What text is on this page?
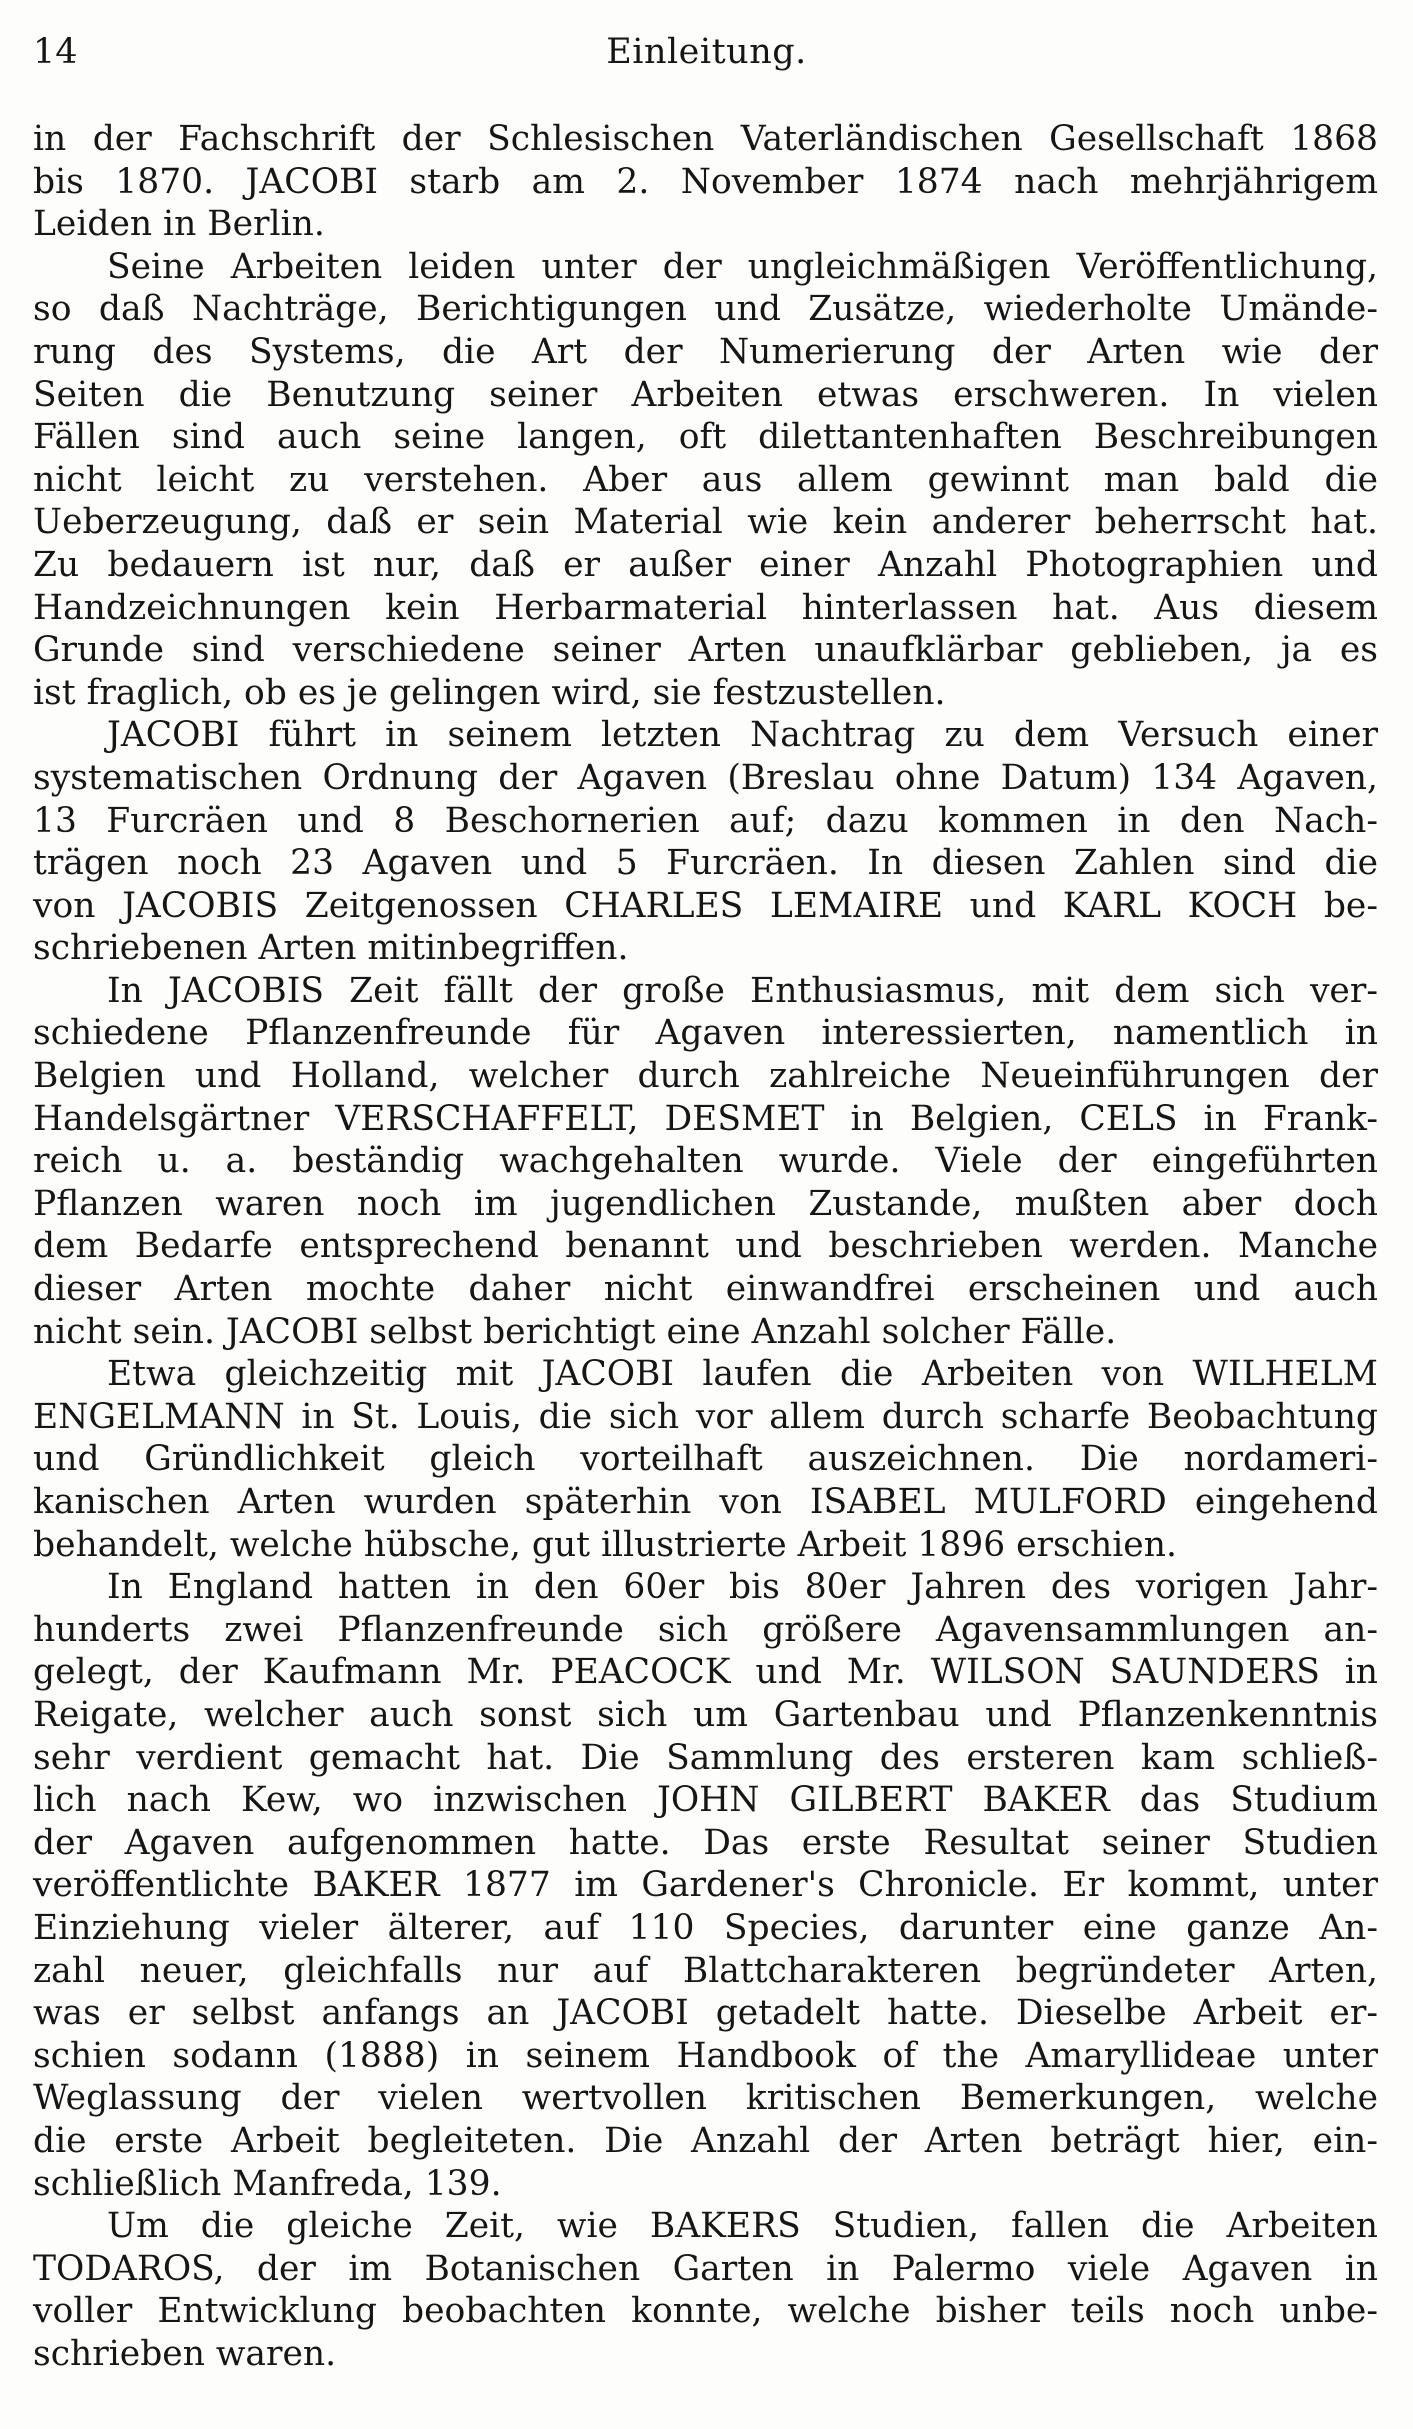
14	Einleitung.
in der Fachschrift der Schlesischen Vaterländischen Gesellschaft 1868
bis 1870. JACOBI starb am 2. November 1874 nach mehrjährigem
Leiden in Berlin.
Seine Arbeiten leiden unter der ungleichmäßigen Veröffentlichung,
so daß Nachträge, Berichtigungen und Zusätze, wiederholte Umände-
rung des Systems, die Art der Numerierung der Arten wie der
Seiten die Benutzung seiner Arbeiten etwas erschweren. In vielen
Fällen sind auch seine langen, oft dilettantenhaften Beschreibungen
nicht leicht zu verstehen. Aber aus allem gewinnt man bald die
Ueberzeugung, daß er sein Material wie kein anderer beherrscht hat.
Zu bedauern ist nur, daß er außer einer Anzahl Photographien und
Handzeichnungen kein Herbarmaterial hinterlassen hat. Aus diesem
Grunde sind verschiedene seiner Arten unaufklärbar geblieben, ja es
ist fraglich, ob es je gelingen wird, sie festzustellen.
JACOBI führt in seinem letzten Nachtrag zu dem Versuch einer
systematischen Ordnung der Agaven (Breslau ohne Datum) 134 Agaven,
13 Furcräen und 8 Beschornerien auf; dazu kommen in den Nach-
trägen noch 23 Agaven und 5 Furcräen. In diesen Zahlen sind die
von JACOBIS Zeitgenossen CHARLES LEMAIRE und KARL KOCH be-
schriebenen Arten mitinbegriffen.
In JACOBIS Zeit fällt der große Enthusiasmus, mit dem sich ver-
schiedene Pflanzenfreunde für Agaven interessierten, namentlich in
Belgien und Holland, welcher durch zahlreiche Neueinführungen der
Handelsgärtner VERSCHAFFELT, DESMET in Belgien, CELS in Frank-
reich u. a. beständig wachgehalten wurde. Viele der eingeführten
Pflanzen waren noch im jugendlichen Zustande, mußten aber doch
dem Bedarfe entsprechend benannt und beschrieben werden. Manche
dieser Arten mochte daher nicht einwandfrei erscheinen und auch
nicht sein. JACOBI selbst berichtigt eine Anzahl solcher Fälle.
Etwa gleichzeitig mit JACOBI laufen die Arbeiten von WILHELM
ENGELMANN in St. Louis, die sich vor allem durch scharfe Beobachtung
und Gründlichkeit gleich vorteilhaft auszeichnen. Die nordameri-
kanischen Arten wurden späterhin von ISABEL MULFORD eingehend
behandelt, welche hübsche, gut illustrierte Arbeit 1896 erschien.
In England hatten in den 60er bis 80er Jahren des vorigen Jahr-
hunderts zwei Pflanzenfreunde sich größere Agavensammlungen an-
gelegt, der Kaufmann Mr. PEACOCK und Mr. WILSON SAUNDERS in
Reigate, welcher auch sonst sich um Gartenbau und Pflanzenkenntnis
sehr verdient gemacht hat. Die Sammlung des ersteren kam schließ-
lich nach Kew, wo inzwischen JOHN GILBERT BAKER das Studium
der Agaven aufgenommen hatte. Das erste Resultat seiner Studien
veröffentlichte BAKER 1877 im Gardener's Chronicle. Er kommt, unter
Einziehung vieler älterer, auf 110 Species, darunter eine ganze An-
zahl neuer, gleichfalls nur auf Blattcharakteren begründeter Arten,
was er selbst anfangs an JACOBI getadelt hatte. Dieselbe Arbeit er-
schien sodann (1888) in seinem Handbook of the Amaryllideae unter
Weglassung der vielen wertvollen kritischen Bemerkungen, welche
die erste Arbeit begleiteten. Die Anzahl der Arten beträgt hier, ein-
schließlich Manfreda, 139.
Um die gleiche Zeit, wie BAKERS Studien, fallen die Arbeiten
TODAROS, der im Botanischen Garten in Palermo viele Agaven in
voller Entwicklung beobachten konnte, welche bisher teils noch unbe-
schrieben waren.
